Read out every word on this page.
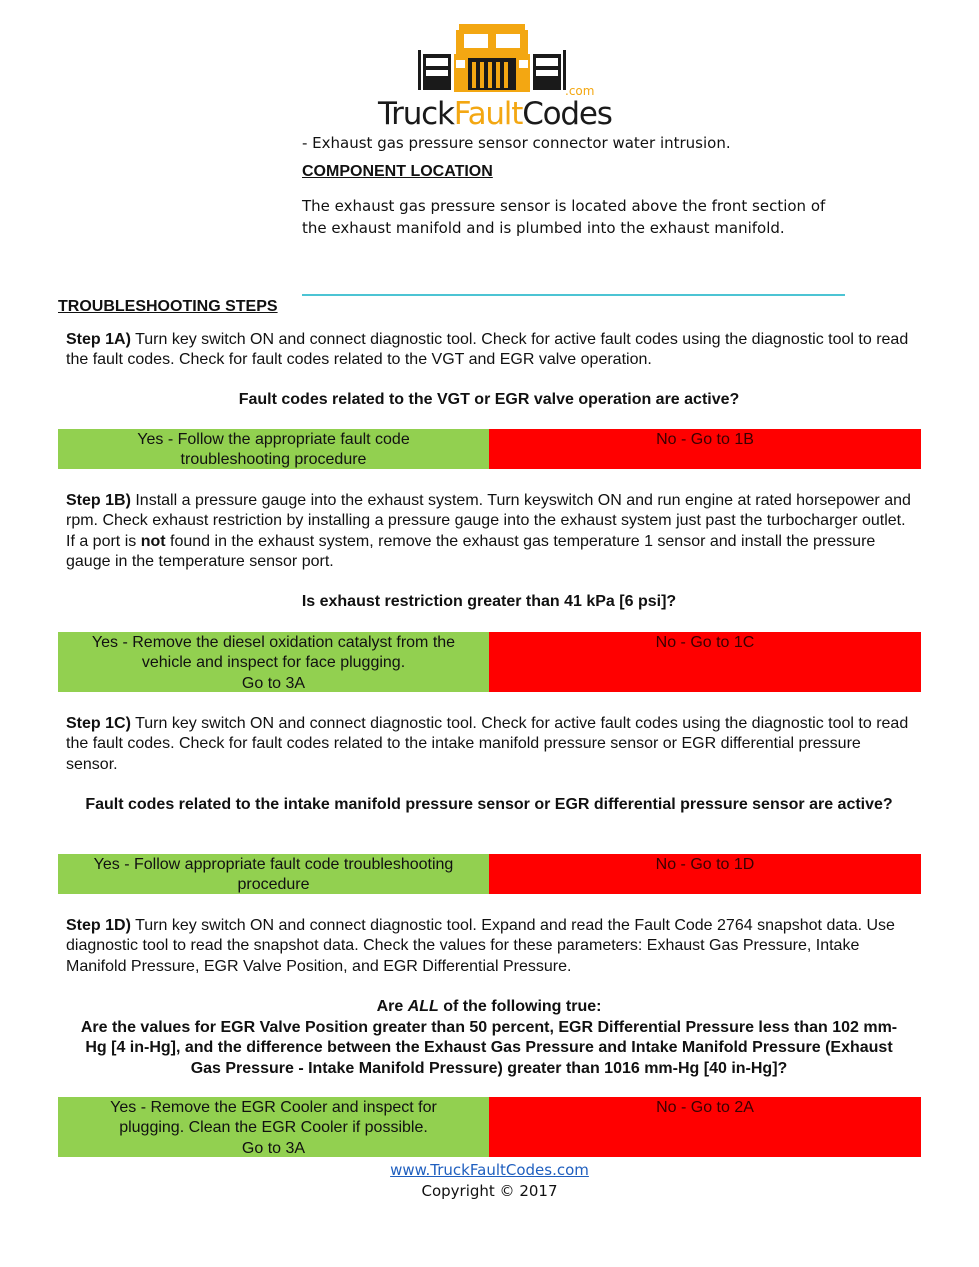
.com
TruckFaultCodes
- Exhaust gas pressure sensor connector water intrusion.
COMPONENT LOCATION
The exhaust gas pressure sensor is located above the front section of the exhaust manifold and is plumbed into the exhaust manifold.
TROUBLESHOOTING STEPS
Step 1A) Turn key switch ON and connect diagnostic tool. Check for active fault codes using the diagnostic tool to read the fault codes. Check for fault codes related to the VGT and EGR valve operation.
Fault codes related to the VGT or EGR valve operation are active?
Yes - Follow the appropriate fault code troubleshooting procedure
No - Go to 1B
Step 1B) Install a pressure gauge into the exhaust system. Turn keyswitch ON and run engine at rated horsepower and rpm. Check exhaust restriction by installing a pressure gauge into the exhaust system just past the turbocharger outlet. If a port is not found in the exhaust system, remove the exhaust gas temperature 1 sensor and install the pressure gauge in the temperature sensor port.
Is exhaust restriction greater than 41 kPa [6 psi]?
Yes - Remove the diesel oxidation catalyst from the vehicle and inspect for face plugging.
Go to 3A
No - Go to 1C
Step 1C) Turn key switch ON and connect diagnostic tool. Check for active fault codes using the diagnostic tool to read the fault codes. Check for fault codes related to the intake manifold pressure sensor or EGR differential pressure sensor.
Fault codes related to the intake manifold pressure sensor or EGR differential pressure sensor are active?
Yes - Follow appropriate fault code troubleshooting procedure
No - Go to 1D
Step 1D) Turn key switch ON and connect diagnostic tool. Expand and read the Fault Code 2764 snapshot data. Use diagnostic tool to read the snapshot data. Check the values for these parameters: Exhaust Gas Pressure, Intake Manifold Pressure, EGR Valve Position, and EGR Differential Pressure.
Are ALL of the following true:
Are the values for EGR Valve Position greater than 50 percent, EGR Differential Pressure less than 102 mm-Hg [4 in-Hg], and the difference between the Exhaust Gas Pressure and Intake Manifold Pressure (Exhaust Gas Pressure - Intake Manifold Pressure) greater than 1016 mm-Hg [40 in-Hg]?
Yes - Remove the EGR Cooler and inspect for plugging. Clean the EGR Cooler if possible.
Go to 3A
No - Go to 2A
www.TruckFaultCodes.com
Copyright © 2017
